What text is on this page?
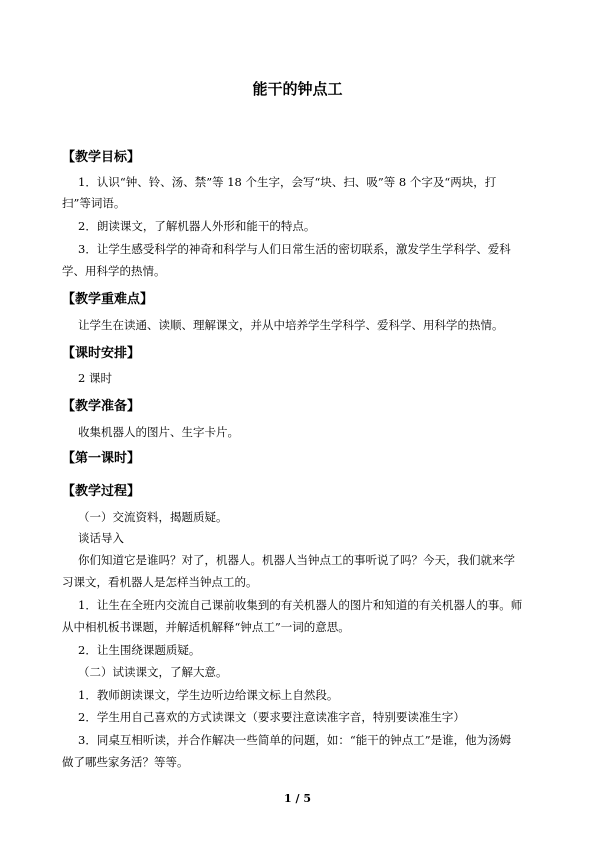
能干的钟点工
【教学目标】
1．认识“钟、铃、汤、禁”等 18 个生字，会写“块、扫、吸”等 8 个字及“两块，打
扫”等词语。
2．朗读课文，了解机器人外形和能干的特点。
3．让学生感受科学的神奇和科学与人们日常生活的密切联系，激发学生学科学、爱科
学、用科学的热情。
【教学重难点】
让学生在读通、读顺、理解课文，并从中培养学生学科学、爱科学、用科学的热情。
【课时安排】
2 课时
【教学准备】
收集机器人的图片、生字卡片。
【第一课时】
【教学过程】
（一）交流资料，揭题质疑。
谈话导入
你们知道它是谁吗？对了，机器人。机器人当钟点工的事听说了吗？今天，我们就来学
习课文，看机器人是怎样当钟点工的。
1．让生在全班内交流自己课前收集到的有关机器人的图片和知道的有关机器人的事。师
从中相机板书课题，并解适机解释“钟点工”一词的意思。
2．让生围绕课题质疑。
（二）试读课文，了解大意。
1．教师朗读课文，学生边听边给课文标上自然段。
2．学生用自己喜欢的方式读课文（要求要注意读准字音，特别要读准生字）
3．同桌互相听读，并合作解决一些简单的问题，如：“能干的钟点工”是谁，他为汤姆
做了哪些家务活？等等。
1 / 5
